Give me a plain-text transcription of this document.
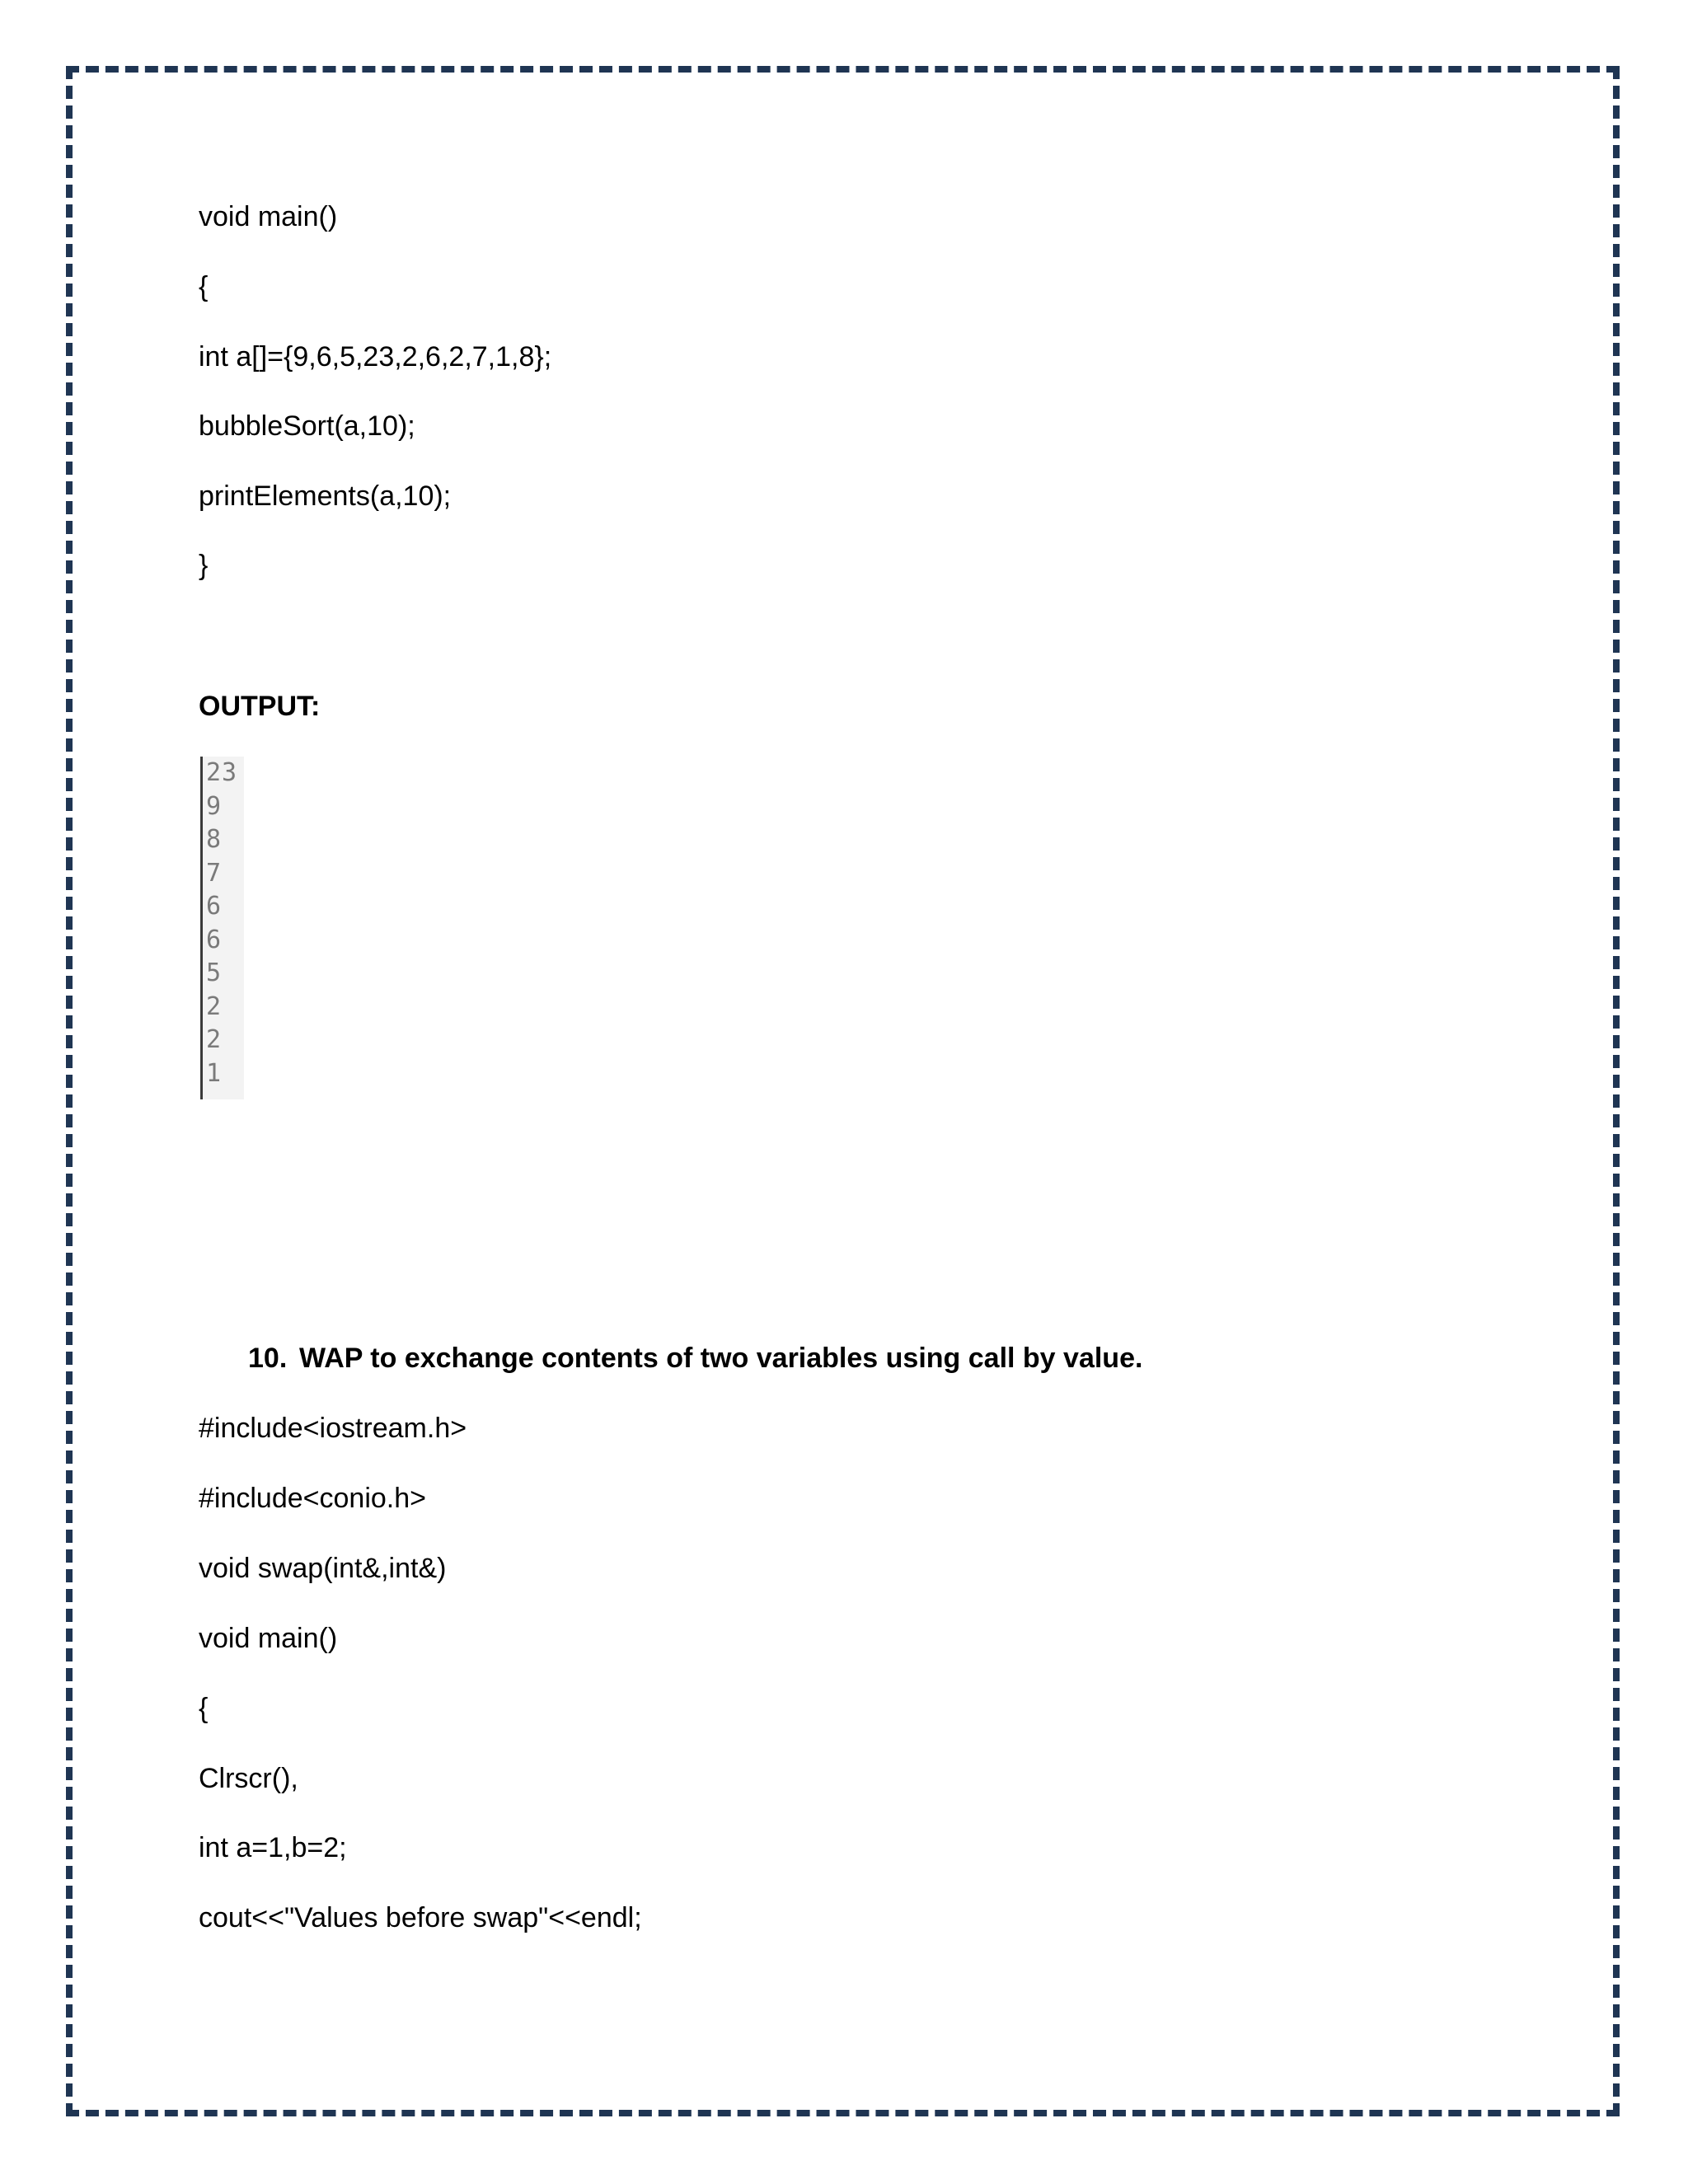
void main()

{

int a[]={9,6,5,23,2,6,2,7,1,8};

bubbleSort(a,10);

printElements(a,10);

}

OUTPUT:

23
9
8
7
6
6
5
2
2
1

10. WAP to exchange contents of two variables using call by value.

#include<iostream.h>

#include<conio.h>

void swap(int&,int&)

void main()

{

Clrscr(),

int a=1,b=2;

cout<<"Values before swap"<<endl;
